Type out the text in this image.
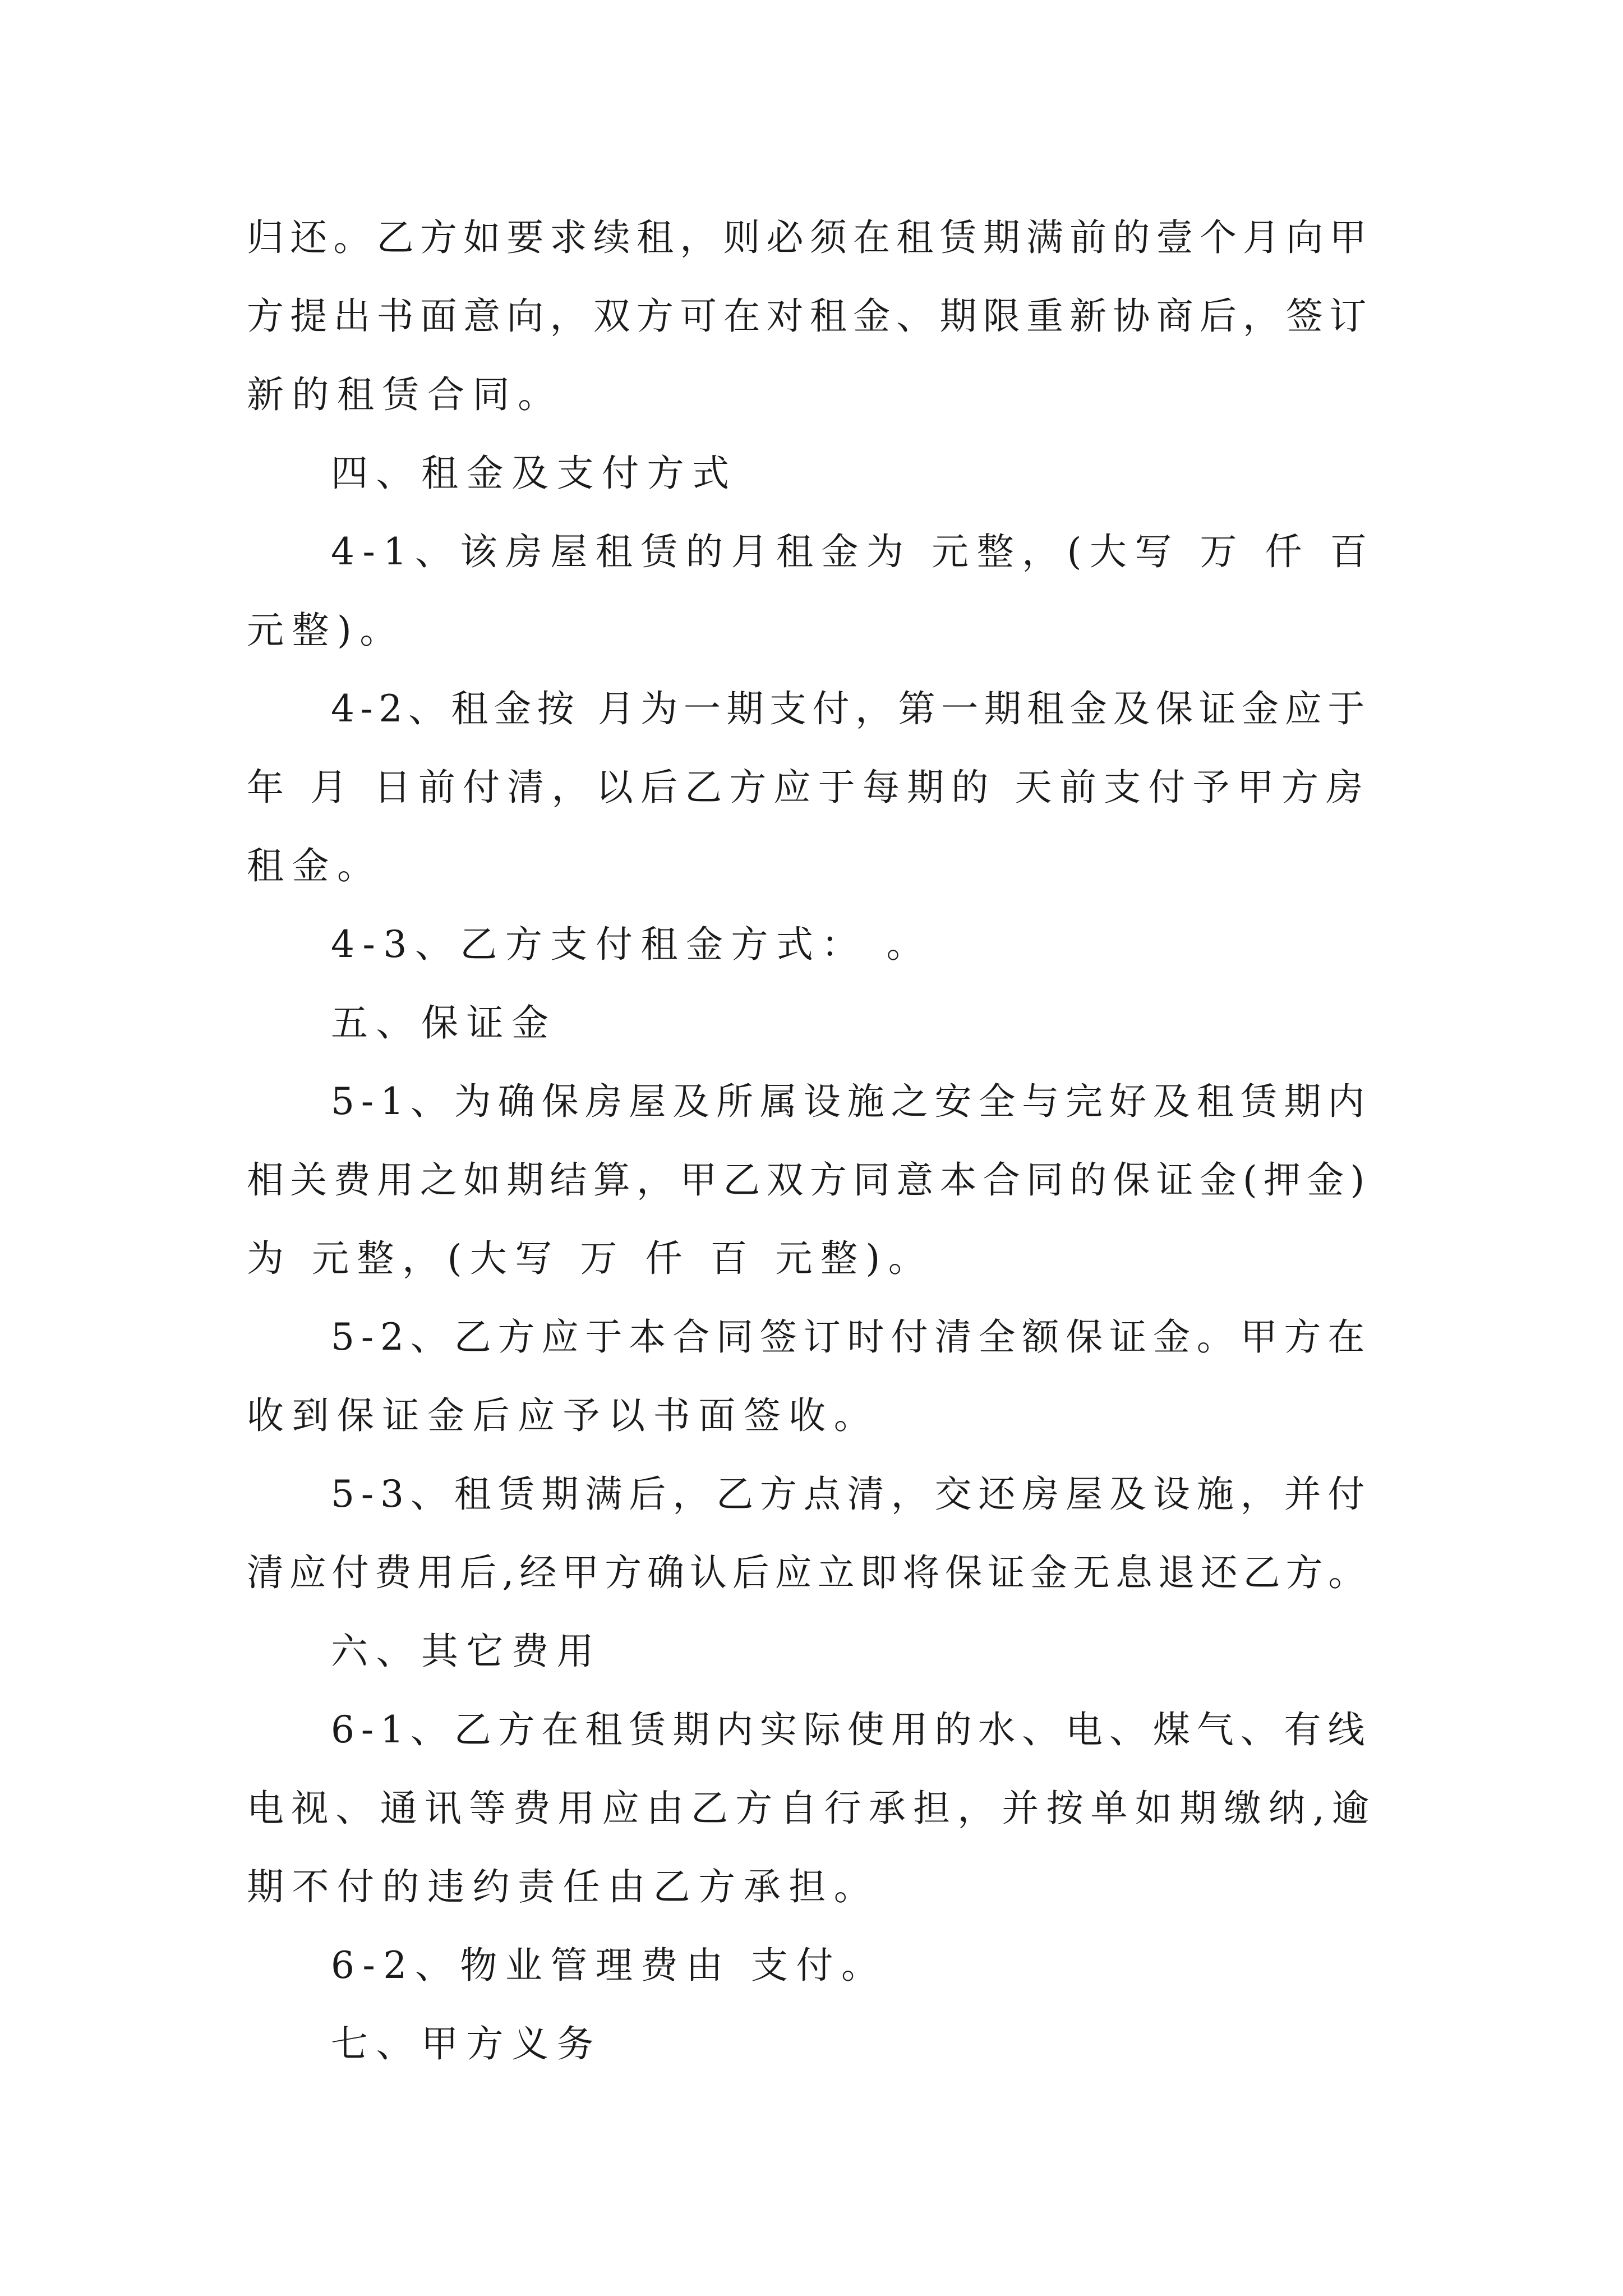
归还。乙方如要求续租，则必须在租赁期满前的壹个月向甲

方提出书面意向，双方可在对租金、期限重新协商后，签订

新的租赁合同。

四、租金及支付方式

4-1、该房屋租赁的月租金为 元整，(大写 万 仟 百

元整)。

4-2、租金按 月为一期支付，第一期租金及保证金应于

年 月 日前付清，以后乙方应于每期的 天前支付予甲方房

租金。

4-3、乙方支付租金方式： 。

五、保证金

5-1、为确保房屋及所属设施之安全与完好及租赁期内

相关费用之如期结算，甲乙双方同意本合同的保证金(押金)

为 元整，(大写 万 仟 百 元整)。

5-2、乙方应于本合同签订时付清全额保证金。甲方在

收到保证金后应予以书面签收。

5-3、租赁期满后，乙方点清，交还房屋及设施，并付

清应付费用后,经甲方确认后应立即将保证金无息退还乙方。

六、其它费用

6-1、乙方在租赁期内实际使用的水、电、煤气、有线

电视、通讯等费用应由乙方自行承担，并按单如期缴纳,逾

期不付的违约责任由乙方承担。

6-2、物业管理费由 支付。

七、甲方义务
